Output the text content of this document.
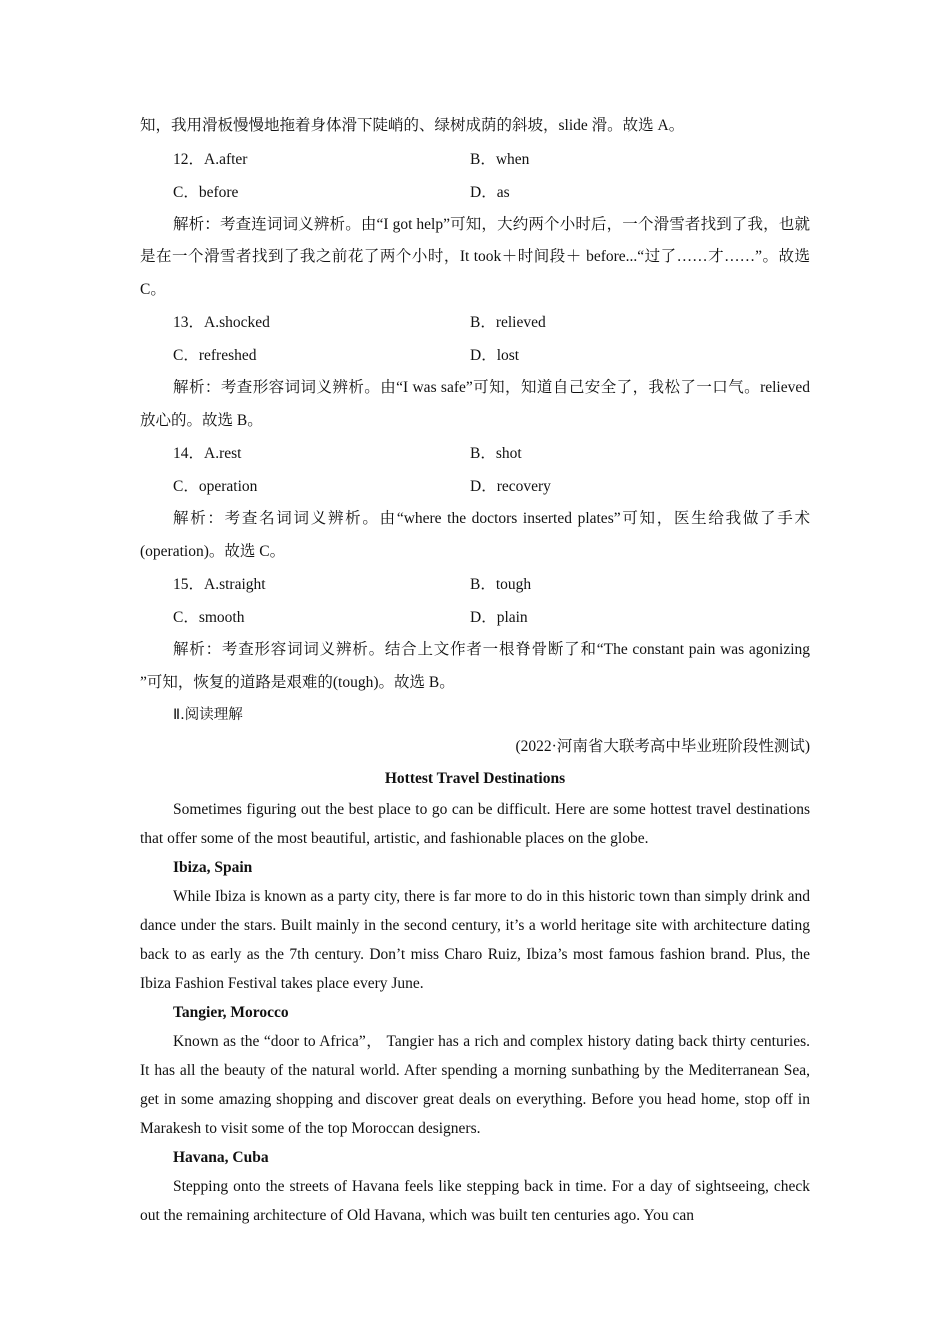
知，我用滑板慢慢地拖着身体滑下陡峭的、绿树成荫的斜坡，slide 滑。故选 A。

12．A.after	B．when
C．before	D．as

解析：考查连词词义辨析。由“I got help”可知，大约两个小时后，一个滑雪者找到了我，也就是在一个滑雪者找到了我之前花了两个小时，It took＋时间段＋ before...“过了……才……”。故选 C。

13．A.shocked	B．relieved
C．refreshed	D．lost

解析：考查形容词词义辨析。由“I was safe”可知，知道自己安全了，我松了一口气。relieved 放心的。故选 B。

14．A.rest	B．shot
C．operation	D．recovery

解析：考查名词词义辨析。由“where the doctors inserted plates”可知，医生给我做了手术(operation)。故选 C。

15．A.straight	B．tough
C．smooth	D．plain

解析：考查形容词词义辨析。结合上文作者一根脊骨断了和“The constant pain was agonizing ”可知，恢复的道路是艰难的(tough)。故选 B。

Ⅱ.阅读理解
(2022·河南省大联考高中毕业班阶段性测试)
Hottest Travel Destinations

Sometimes figuring out the best place to go can be difficult. Here are some hottest travel destinations that offer some of the most beautiful, artistic, and fashionable places on the globe.

Ibiza, Spain

While Ibiza is known as a party city, there is far more to do in this historic town than simply drink and dance under the stars. Built mainly in the second century, it’s a world heritage site with architecture dating back to as early as the 7th century. Don’t miss Charo Ruiz, Ibiza’s most famous fashion brand. Plus, the Ibiza Fashion Festival takes place every June.

Tangier, Morocco

Known as the “door to Africa”， Tangier has a rich and complex history dating back thirty centuries. It has all the beauty of the natural world. After spending a morning sunbathing by the Mediterranean Sea, get in some amazing shopping and discover great deals on everything. Before you head home, stop off in Marakesh to visit some of the top Moroccan designers.

Havana, Cuba

Stepping onto the streets of Havana feels like stepping back in time. For a day of sightseeing, check out the remaining architecture of Old Havana, which was built ten centuries ago. You can
